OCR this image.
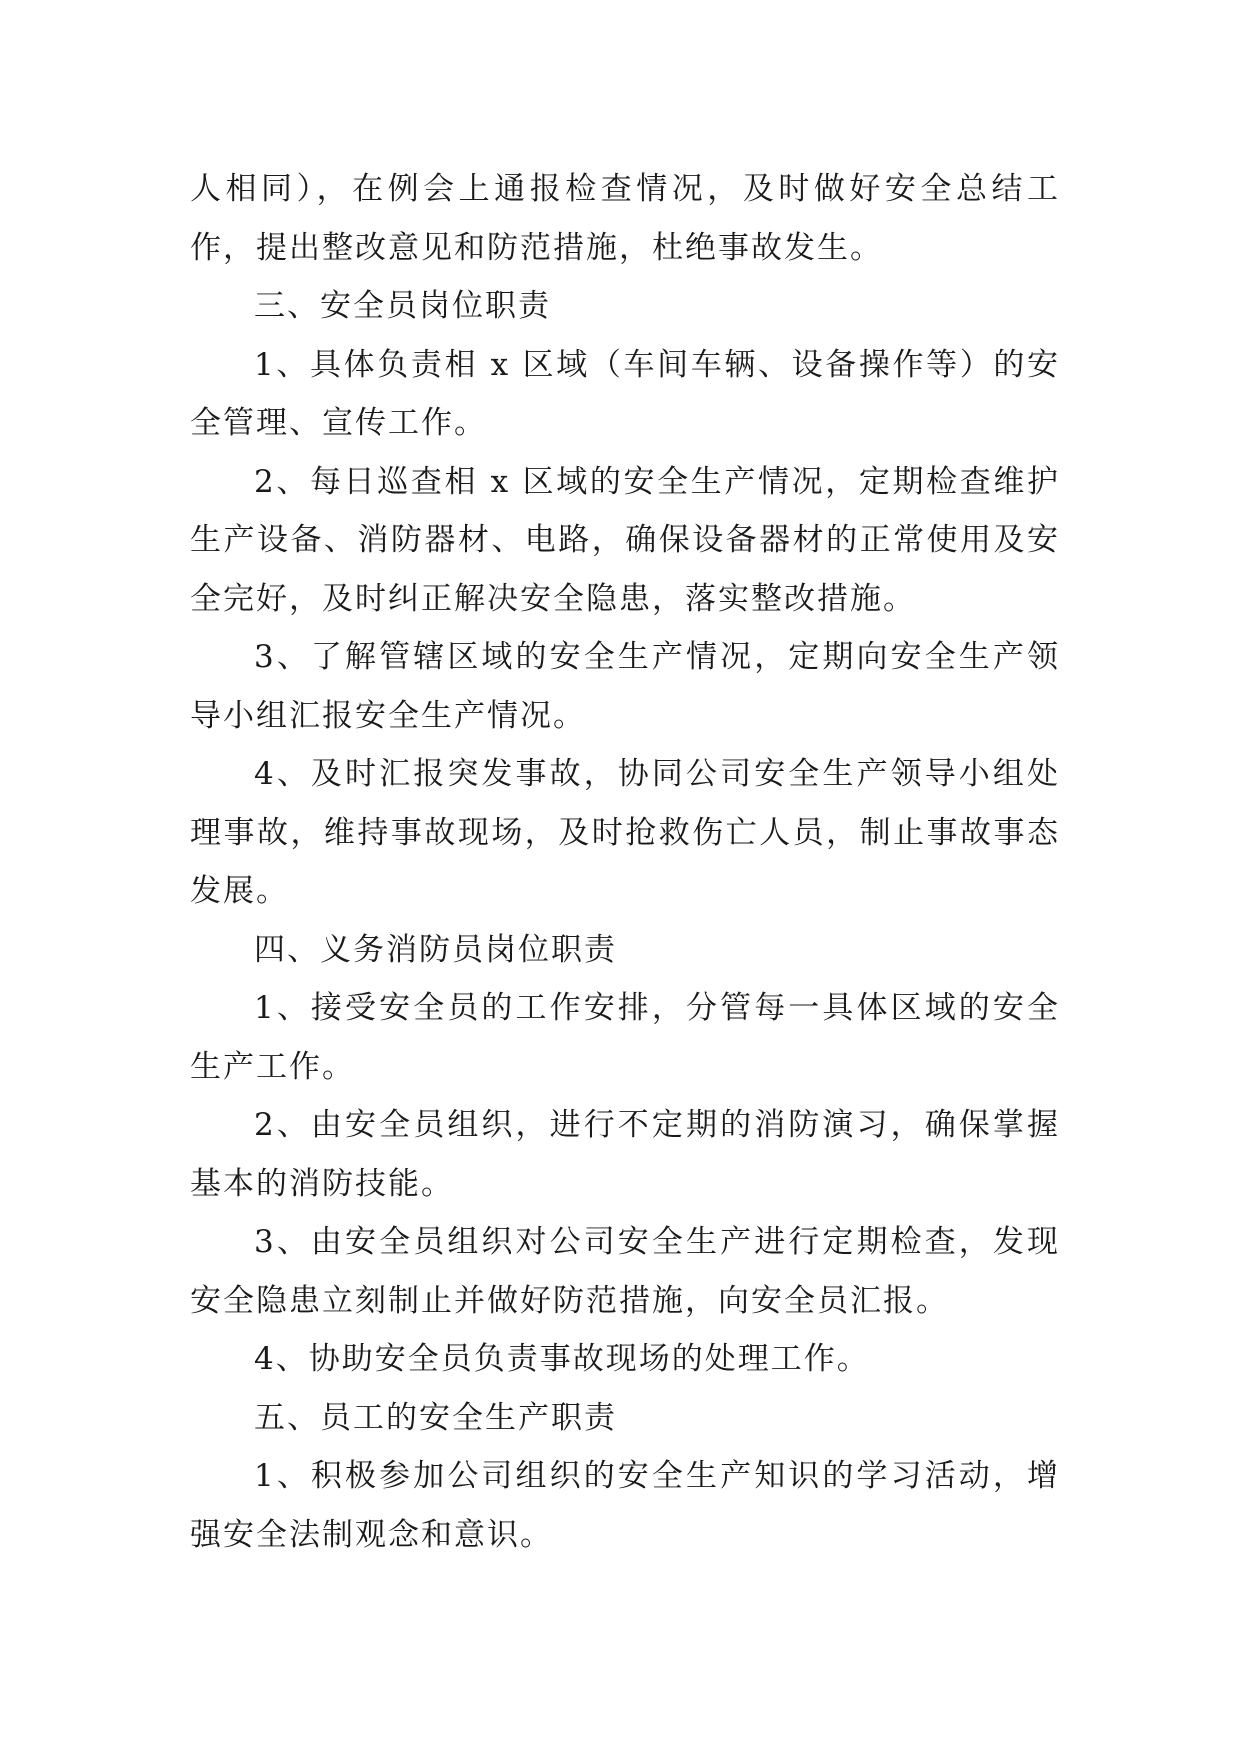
人相同），在例会上通报检查情况，及时做好安全总结工作，提出整改意见和防范措施，杜绝事故发生。

三、安全员岗位职责

1、具体负责相 x 区域（车间车辆、设备操作等）的安全管理、宣传工作。

2、每日巡查相 x 区域的安全生产情况，定期检查维护生产设备、消防器材、电路，确保设备器材的正常使用及安全完好，及时纠正解决安全隐患，落实整改措施。

3、了解管辖区域的安全生产情况，定期向安全生产领导小组汇报安全生产情况。

4、及时汇报突发事故，协同公司安全生产领导小组处理事故，维持事故现场，及时抢救伤亡人员，制止事故事态发展。

四、义务消防员岗位职责

1、接受安全员的工作安排，分管每一具体区域的安全生产工作。

2、由安全员组织，进行不定期的消防演习，确保掌握基本的消防技能。

3、由安全员组织对公司安全生产进行定期检查，发现安全隐患立刻制止并做好防范措施，向安全员汇报。

4、协助安全员负责事故现场的处理工作。

五、员工的安全生产职责

1、积极参加公司组织的安全生产知识的学习活动，增强安全法制观念和意识。
